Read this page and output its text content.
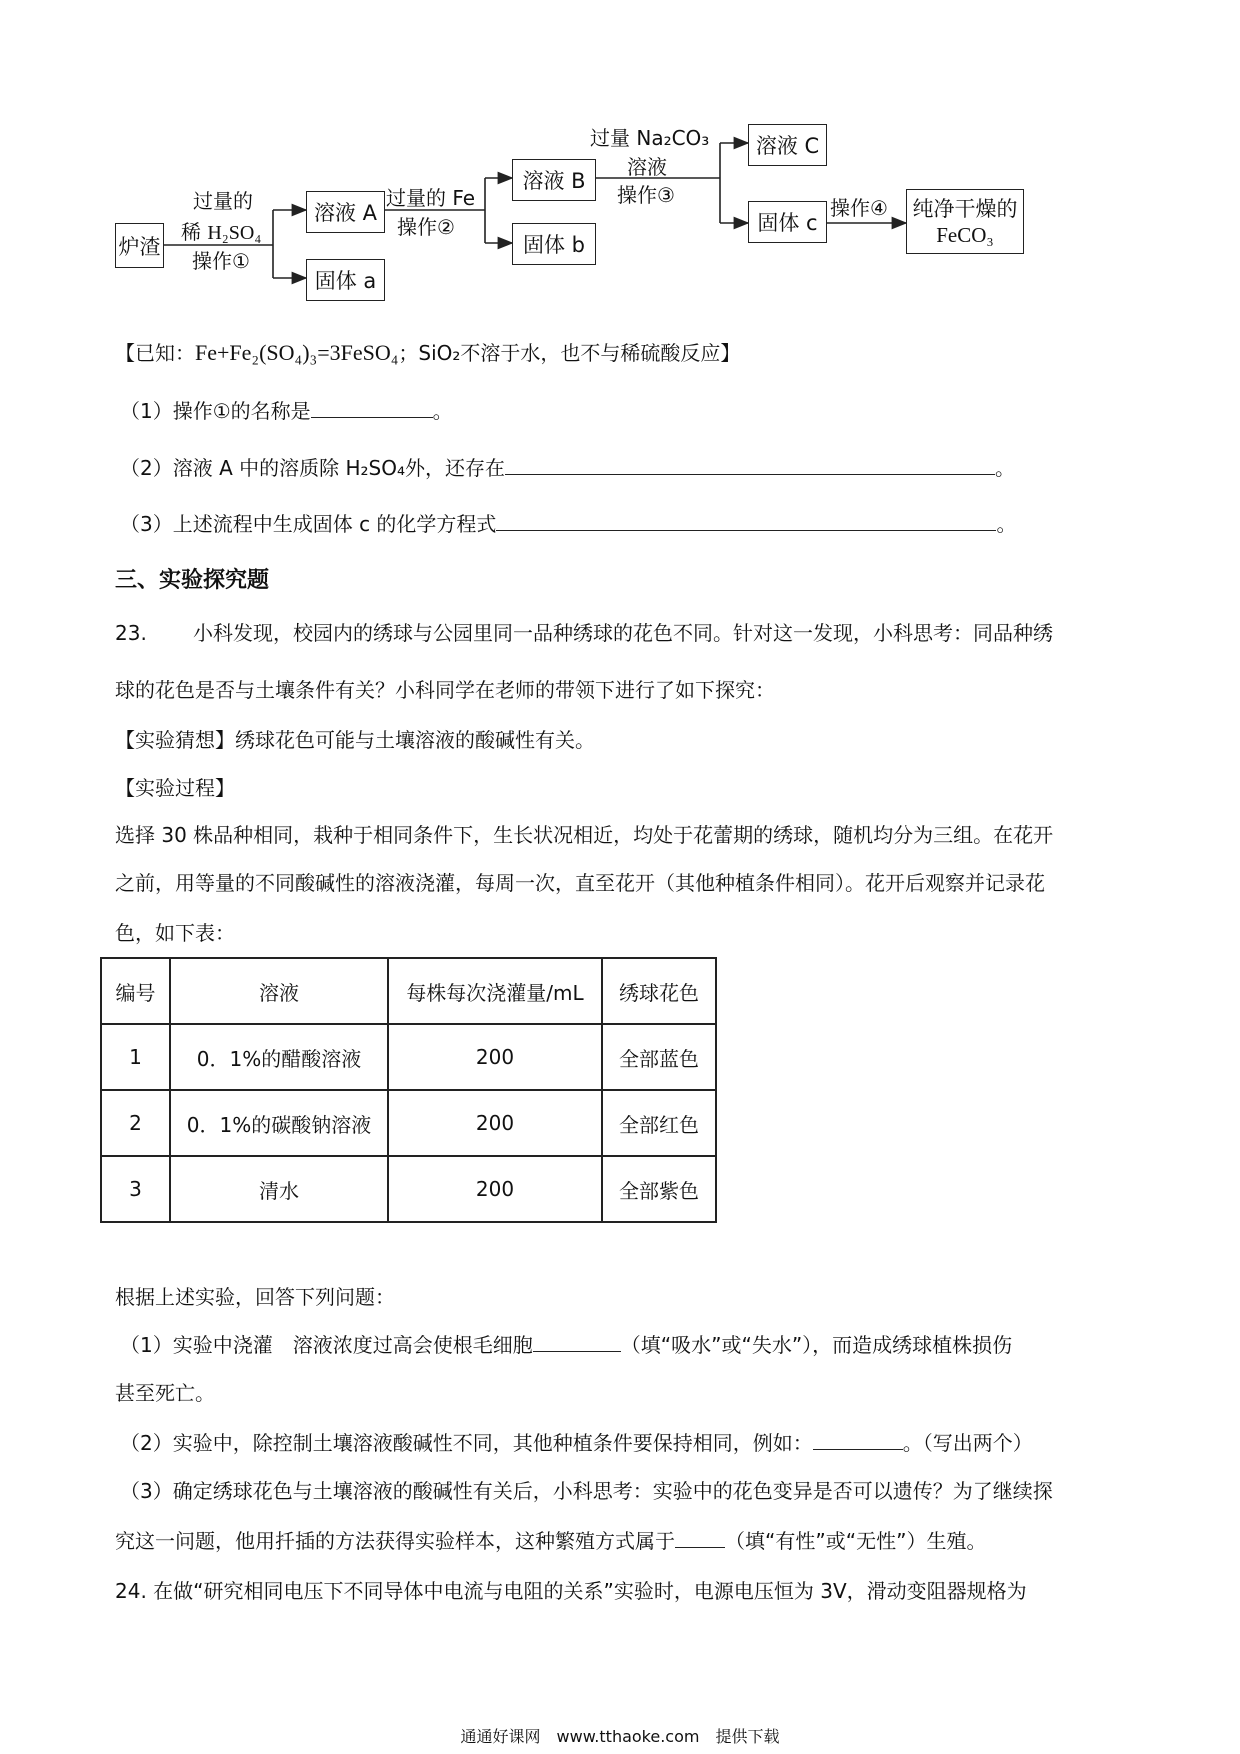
炉渣
过量的
稀 H₂SO₄
操作①
溶液 A
固体 a
过量的 Fe
操作②
溶液 B
固体 b
过量 Na₂CO₃
溶液
操作③
溶液 C
固体 c
操作④ 纯净干燥的
FeCO₃
【已知：Fe+Fe₂(SO₄)₃=3FeSO₄；SiO₂不溶于水，也不与稀硫酸反应】
（1）操作①的名称是	。
（2）溶液 A 中的溶质除 H₂SO₄外，还存在	。
（3）上述流程中生成固体 c 的化学方程式	。
三、实验探究题
23. 小科发现，校园内的绣球与公园里同一品种绣球的花色不同。针对这一发现，小科思考：同品种绣
球的花色是否与土壤条件有关？小科同学在老师的带领下进行了如下探究：
【实验猜想】绣球花色可能与土壤溶液的酸碱性有关。
【实验过程】
选择 30 株品种相同，栽种于相同条件下，生长状况相近，均处于花蕾期的绣球，随机均分为三组。在花开
之前，用等量的不同酸碱性的溶液浇灌，每周一次，直至花开（其他种植条件相同）。花开后观察并记录花
色，如下表：
编号	溶液	每株每次浇灌量/mL	绣球花色
1	0．1%的醋酸溶液	200	全部蓝色
2	0．1%的碳酸钠溶液	200	全部红色
3	清水	200	全部紫色
根据上述实验，回答下列问题：
（1）实验中浇灌　溶液浓度过高会使根毛细胞	（填“吸水”或“失水”），而造成绣球植株损伤
甚至死亡。
（2）实验中，除控制土壤溶液酸碱性不同，其他种植条件要保持相同，例如：	。（写出两个）
（3）确定绣球花色与土壤溶液的酸碱性有关后，小科思考：实验中的花色变异是否可以遗传？为了继续探
究这一问题，他用扦插的方法获得实验样本，这种繁殖方式属于	（填“有性”或“无性”）生殖。
24. 在做“研究相同电压下不同导体中电流与电阻的关系”实验时，电源电压恒为 3V，滑动变阻器规格为
通通好课网　www.tthaoke.com　提供下载
